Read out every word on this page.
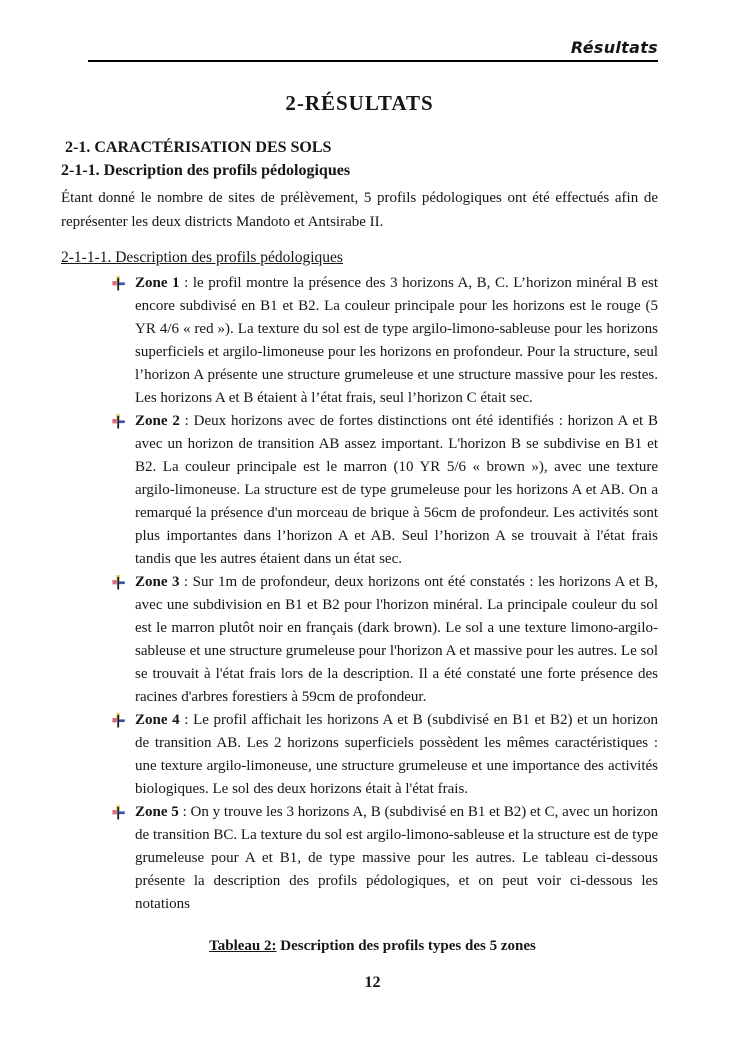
Résultats
2-RÉSULTATS
2-1. CARACTÉRISATION DES SOLS
2-1-1. Description des profils pédologiques

Étant donné le nombre de sites de prélèvement, 5 profils pédologiques ont été effectués afin de représenter les deux districts Mandoto et Antsirabe II.

2-1-1-1. Description des profils pédologiques
Zone 1 : le profil montre la présence des 3 horizons A, B, C. L’horizon minéral B est encore subdivisé en B1 et B2. La couleur principale pour les horizons est le rouge (5 YR 4/6 « red »). La texture du sol est de type argilo-limono-sableuse pour les horizons superficiels et argilo-limoneuse pour les horizons en profondeur. Pour la structure, seul l’horizon A présente une structure grumeleuse et une structure massive pour les restes. Les horizons A et B étaient à l’état frais, seul l’horizon C était sec.
Zone 2 : Deux horizons avec de fortes distinctions ont été identifiés : horizon A et B avec un horizon de transition AB assez important. L'horizon B se subdivise en B1 et B2. La couleur principale est le marron (10 YR 5/6 « brown »), avec une texture argilo-limoneuse. La structure est de type grumeleuse pour les horizons A et AB. On a remarqué la présence d'un morceau de brique à 56cm de profondeur. Les activités sont plus importantes dans l’horizon A et AB. Seul l’horizon A se trouvait à l'état frais tandis que les autres étaient dans un état sec.
Zone 3 : Sur 1m de profondeur, deux horizons ont été constatés : les horizons A et B, avec une subdivision en B1 et B2 pour l'horizon minéral. La principale couleur du sol est le marron plutôt noir en français (dark brown). Le sol a une texture limono-argilo-sableuse et une structure grumeleuse pour l'horizon A et massive pour les autres. Le sol se trouvait à l'état frais lors de la description. Il a été constaté une forte présence des racines d'arbres forestiers à 59cm de profondeur.
Zone 4 : Le profil affichait les horizons A et B (subdivisé en B1 et B2) et un horizon de transition AB. Les 2 horizons superficiels possèdent les mêmes caractéristiques : une texture argilo-limoneuse, une structure grumeleuse et une importance des activités biologiques. Le sol des deux horizons était à l'état frais.
Zone 5 : On y trouve les 3 horizons A, B (subdivisé en B1 et B2) et C, avec un horizon de transition BC. La texture du sol est argilo-limono-sableuse et la structure est de type grumeleuse pour A et B1, de type massive pour les autres. Le tableau ci-dessous présente la description des profils pédologiques, et on peut voir ci-dessous les notations

Tableau 2: Description des profils types des 5 zones

12
